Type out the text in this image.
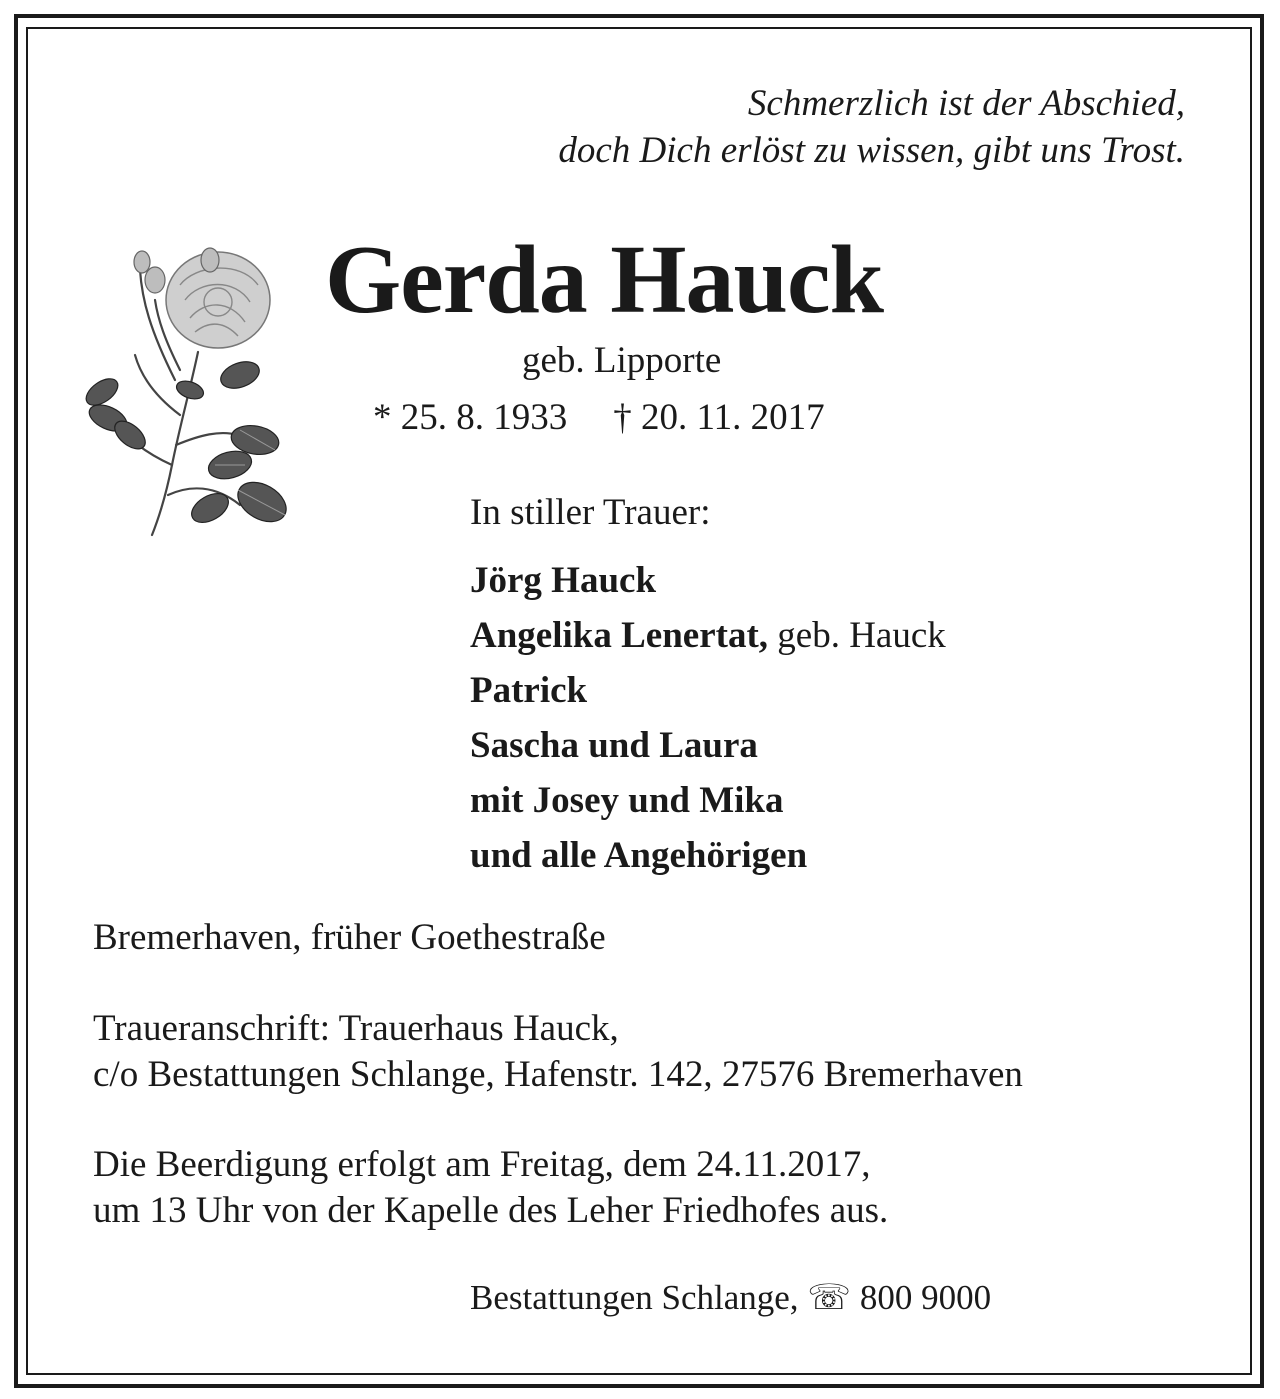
Schmerzlich ist der Abschied,
doch Dich erlöst zu wissen, gibt uns Trost.
Gerda Hauck
geb. Lipporte
* 25. 8. 1933 † 20. 11. 2017
In stiller Trauer:
Jörg Hauck
Angelika Lenertat, geb. Hauck
Patrick
Sascha und Laura
mit Josey und Mika
und alle Angehörigen
Bremerhaven, früher Goethestraße
Traueranschrift: Trauerhaus Hauck,
c/o Bestattungen Schlange, Hafenstr. 142, 27576 Bremerhaven
Die Beerdigung erfolgt am Freitag, dem 24.11.2017,
um 13 Uhr von der Kapelle des Leher Friedhofes aus.
Bestattungen Schlange, ☏ 800 9000
